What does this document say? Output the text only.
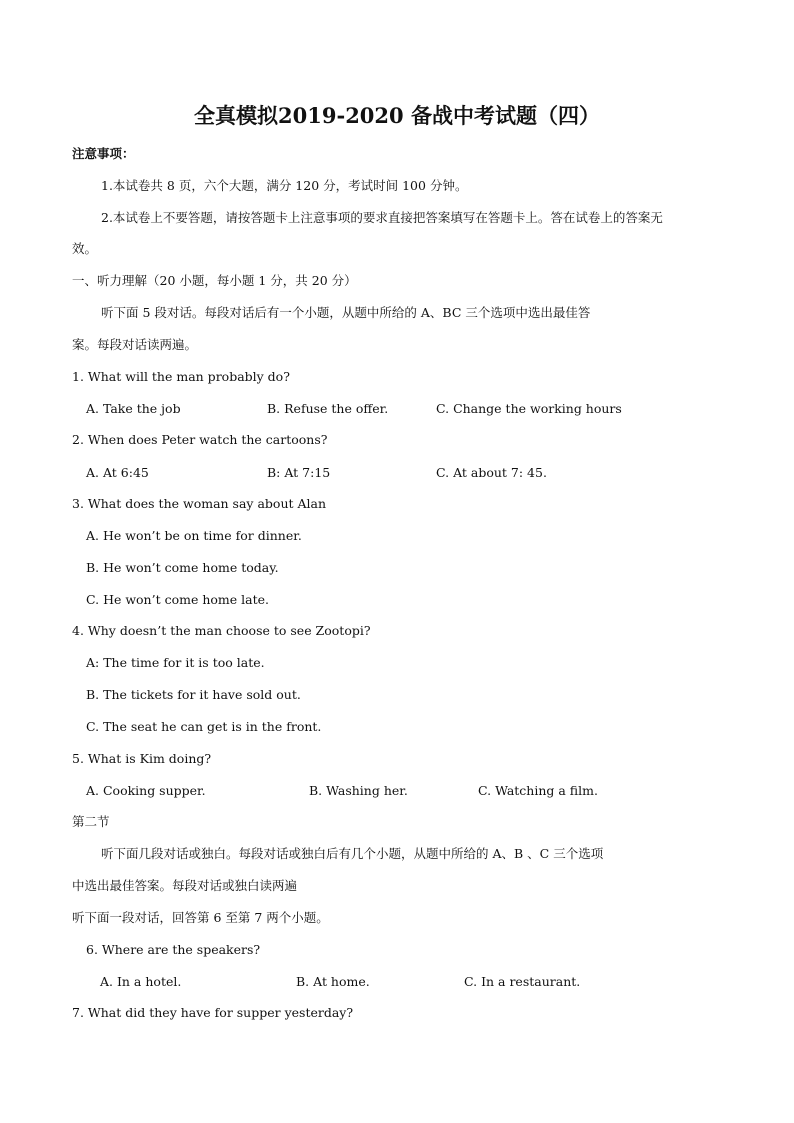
全真模拟2019-2020 备战中考试题（四）
注意事项：
1.本试卷共 8 页，六个大题，满分 120 分，考试时间 100 分钟。
2.本试卷上不要答题，请按答题卡上注意事项的要求直接把答案填写在答题卡上。答在试卷上的答案无
效。
一、听力理解（20 小题，每小题 1 分，共 20 分）
听下面 5 段对话。每段对话后有一个小题，从题中所给的 A、BC 三个选项中选出最佳答
案。每段对话读两遍。
1. What will the man probably do?
A. Take the job	B. Refuse the offer.	C. Change the working hours
2. When does Peter watch the cartoons?
A. At 6:45	B: At 7:15	C. At about 7: 45.
3. What does the woman say about Alan
A. He won’t be on time for dinner.
B. He won’t come home today.
C. He won’t come home late.
4. Why doesn’t the man choose to see Zootopi?
A: The time for it is too late.
B. The tickets for it have sold out.
C. The seat he can get is in the front.
5. What is Kim doing?
A. Cooking supper.	B. Washing her.	C. Watching a film.
第二节
听下面几段对话或独白。每段对话或独白后有几个小题，从题中所给的 A、B 、C 三个选项
中选出最佳答案。每段对话或独白读两遍
听下面一段对话，回答第 6 至第 7 两个小题。
6. Where are the speakers?
A. In a hotel.	B. At home.	C. In a restaurant.
7. What did they have for supper yesterday?
